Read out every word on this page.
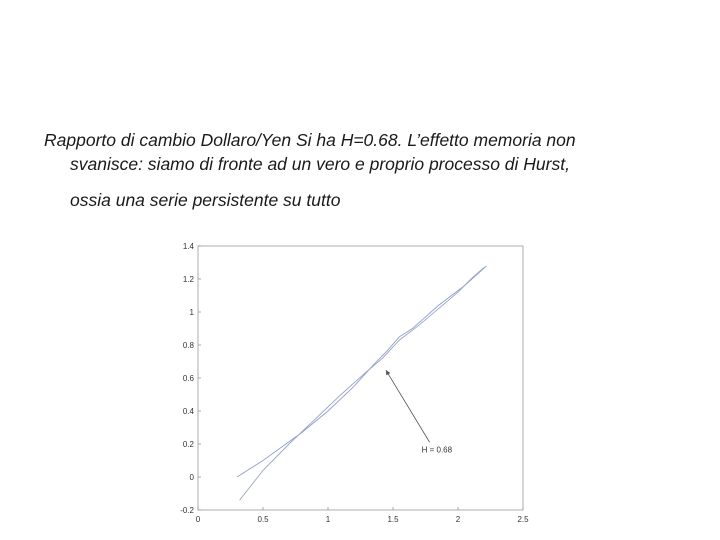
Rapporto di cambio Dollaro/Yen Si ha H=0.68. L’effetto memoria non
svanisce: siamo di fronte ad un vero e proprio processo di Hurst,
ossia una serie persistente su tutto
0	0.5	1	1.5	2	2.5
-0.2
0
0.2
0.4
0.6
0.8
1
1.2
1.4
H = 0.68
